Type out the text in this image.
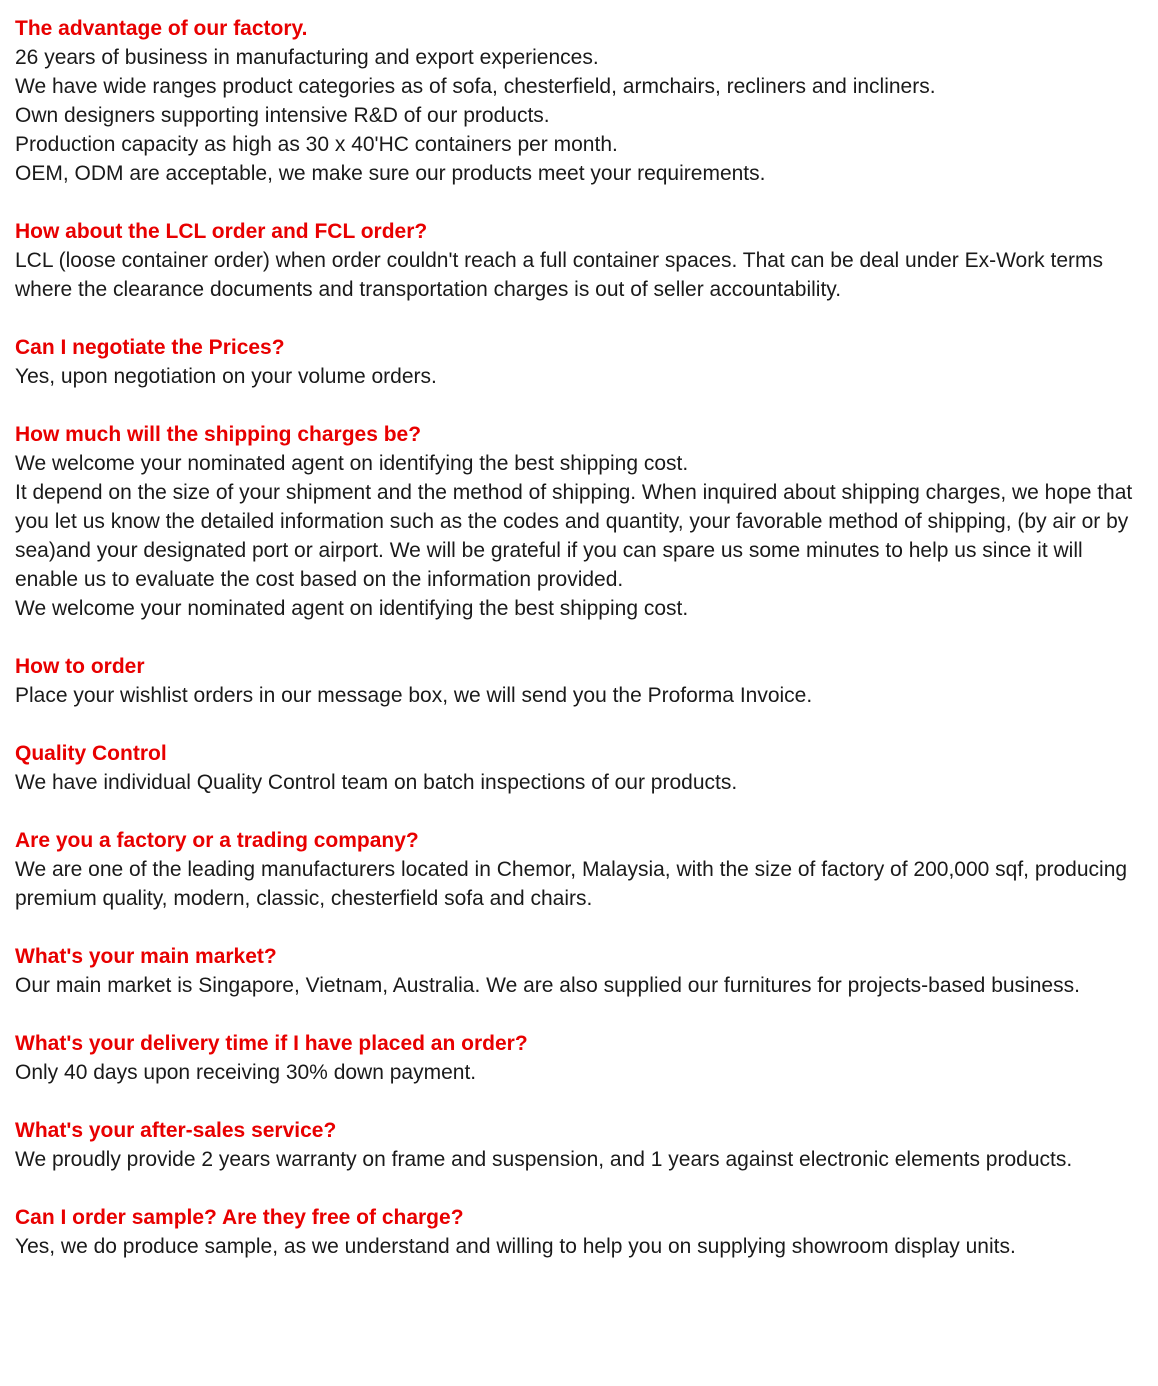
The advantage of our factory.

26 years of business in manufacturing and export experiences.

We have wide ranges product categories as of sofa, chesterfield, armchairs, recliners and incliners.

Own designers supporting intensive R&D of our products.

Production capacity as high as 30 x 40'HC containers per month.

OEM, ODM are acceptable, we make sure our products meet your requirements.

How about the LCL order and FCL order?

LCL (loose container order) when order couldn't reach a full container spaces. That can be deal under Ex-Work terms where the clearance documents and transportation charges is out of seller accountability.

Can I negotiate the Prices?

Yes, upon negotiation on your volume orders.

How much will the shipping charges be?

We welcome your nominated agent on identifying the best shipping cost.

It depend on the size of your shipment and the method of shipping. When inquired about shipping charges, we hope that you let us know the detailed information such as the codes and quantity, your favorable method of shipping, (by air or by sea)and your designated port or airport. We will be grateful if you can spare us some minutes to help us since it will enable us to evaluate the cost based on the information provided.

We welcome your nominated agent on identifying the best shipping cost.

How to order

Place your wishlist orders in our message box, we will send you the Proforma Invoice.

Quality Control

We have individual Quality Control team on batch inspections of our products.

Are you a factory or a trading company?

We are one of the leading manufacturers located in Chemor, Malaysia, with the size of factory of 200,000 sqf, producing premium quality, modern, classic, chesterfield sofa and chairs.

What's your main market?

Our main market is Singapore, Vietnam, Australia. We are also supplied our furnitures for projects-based business.

What's your delivery time if I have placed an order?

Only 40 days upon receiving 30% down payment.

What's your after-sales service?

We proudly provide 2 years warranty on frame and suspension, and 1 years against electronic elements products.

Can I order sample? Are they free of charge?

Yes, we do produce sample, as we understand and willing to help you on supplying showroom display units.
